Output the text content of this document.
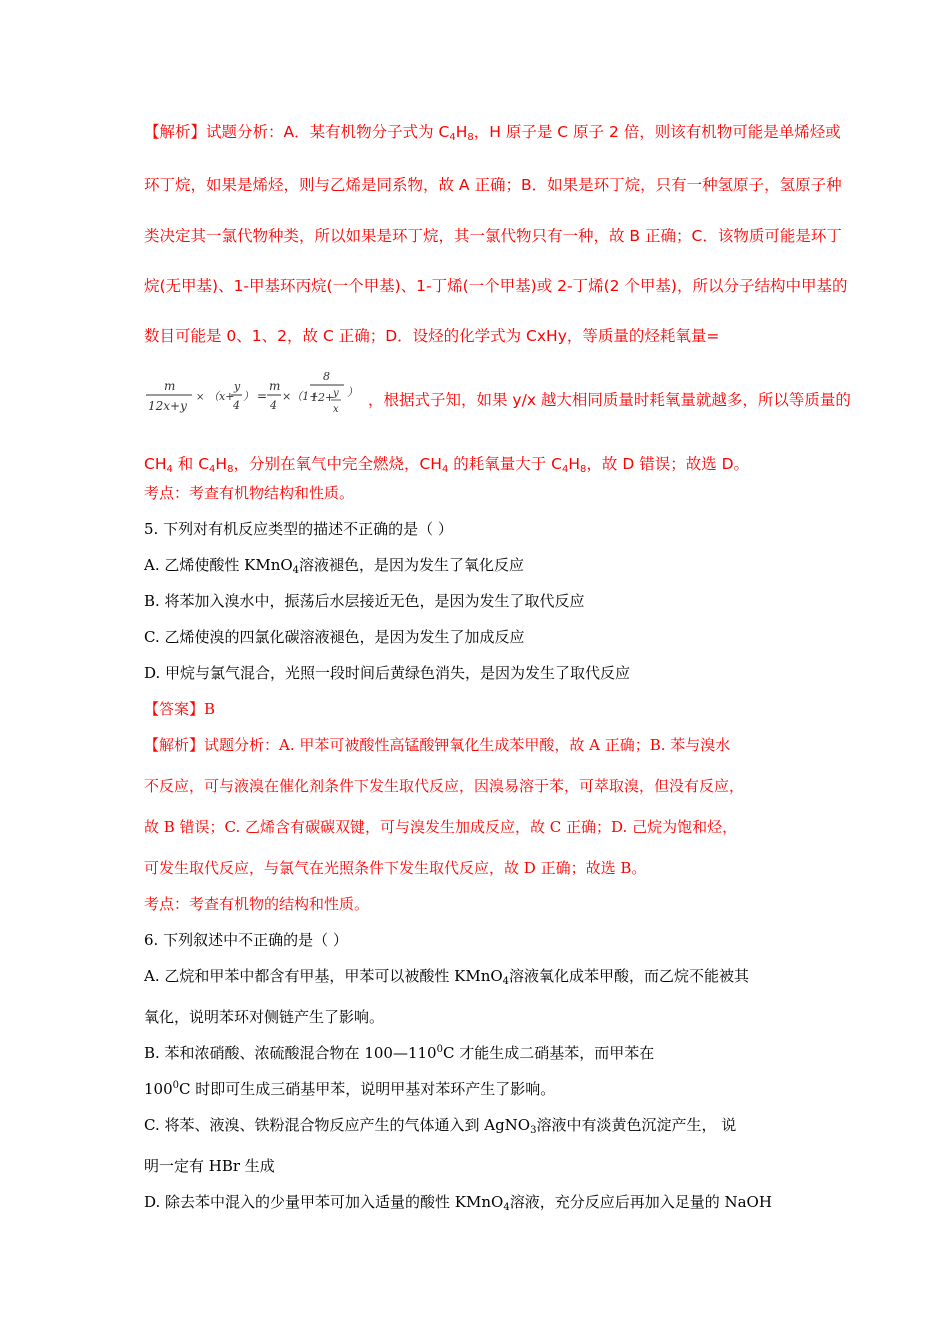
【解析】试题分析：A．某有机物分子式为 $C_4H_8$，H 原子是 C 原子 2 倍，则该有机物可能是单烯烃或
环丁烷，如果是烯烃，则与乙烯是同系物，故 A 正确；B．如果是环丁烷，只有一种氢原子，氢原子种
类决定其一氯代物种类，所以如果是环丁烷，其一氯代物只有一种，故 B 正确；C．该物质可能是环丁
烷(无甲基)、1-甲基环丙烷(一个甲基)、1-丁烯(一个甲基)或 2-丁烯(2 个甲基)，所以分子结构中甲基的
数目可能是 0、1、2，故 C 正确；D．设烃的化学式为 CxHy，等质量的烃耗氧量=
m
12x+y
× （x+
y
4
） =
m
4
×（1+
8
12+
y
x
） ，根据式子知，如果 y/x 越大相同质量时耗氧量就越多，所以等质量的
$CH_4$ 和 $C_4H_8$，分别在氧气中完全燃烧，$CH_4$ 的耗氧量大于 $C_4H_8$，故 D 错误；故选 D。
考点：考查有机物结构和性质。
5. 下列对有机反应类型的描述不正确的是（ ）
A. 乙烯使酸性 KMnO$_4$溶液褪色，是因为发生了氧化反应
B. 将苯加入溴水中，振荡后水层接近无色，是因为发生了取代反应
C. 乙烯使溴的四氯化碳溶液褪色，是因为发生了加成反应
D. 甲烷与氯气混合，光照一段时间后黄绿色消失，是因为发生了取代反应
【答案】B
【解析】试题分析：A. 甲苯可被酸性高锰酸钾氧化生成苯甲酸，故 A 正确；B. 苯与溴水
不反应，可与液溴在催化剂条件下发生取代反应，因溴易溶于苯，可萃取溴，但没有反应，
故 B 错误；C. 乙烯含有碳碳双键，可与溴发生加成反应，故 C 正确；D. 己烷为饱和烃，
可发生取代反应，与氯气在光照条件下发生取代反应，故 D 正确；故选 B。
考点：考查有机物的结构和性质。
6. 下列叙述中不正确的是（ ）
A. 乙烷和甲苯中都含有甲基，甲苯可以被酸性 KMnO$_4$溶液氧化成苯甲酸，而乙烷不能被其
氧化，说明苯环对侧链产生了影响。
B. 苯和浓硝酸、浓硫酸混合物在 $100—110^0C$ 才能生成二硝基苯，而甲苯在
$100^0C$ 时即可生成三硝基甲苯，说明甲基对苯环产生了影响。
C. 将苯、液溴、铁粉混合物反应产生的气体通入到 AgNO$_3$溶液中有淡黄色沉淀产生， 说
明一定有 HBr 生成
D. 除去苯中混入的少量甲苯可加入适量的酸性 KMnO$_4$溶液，充分反应后再加入足量的 NaOH
